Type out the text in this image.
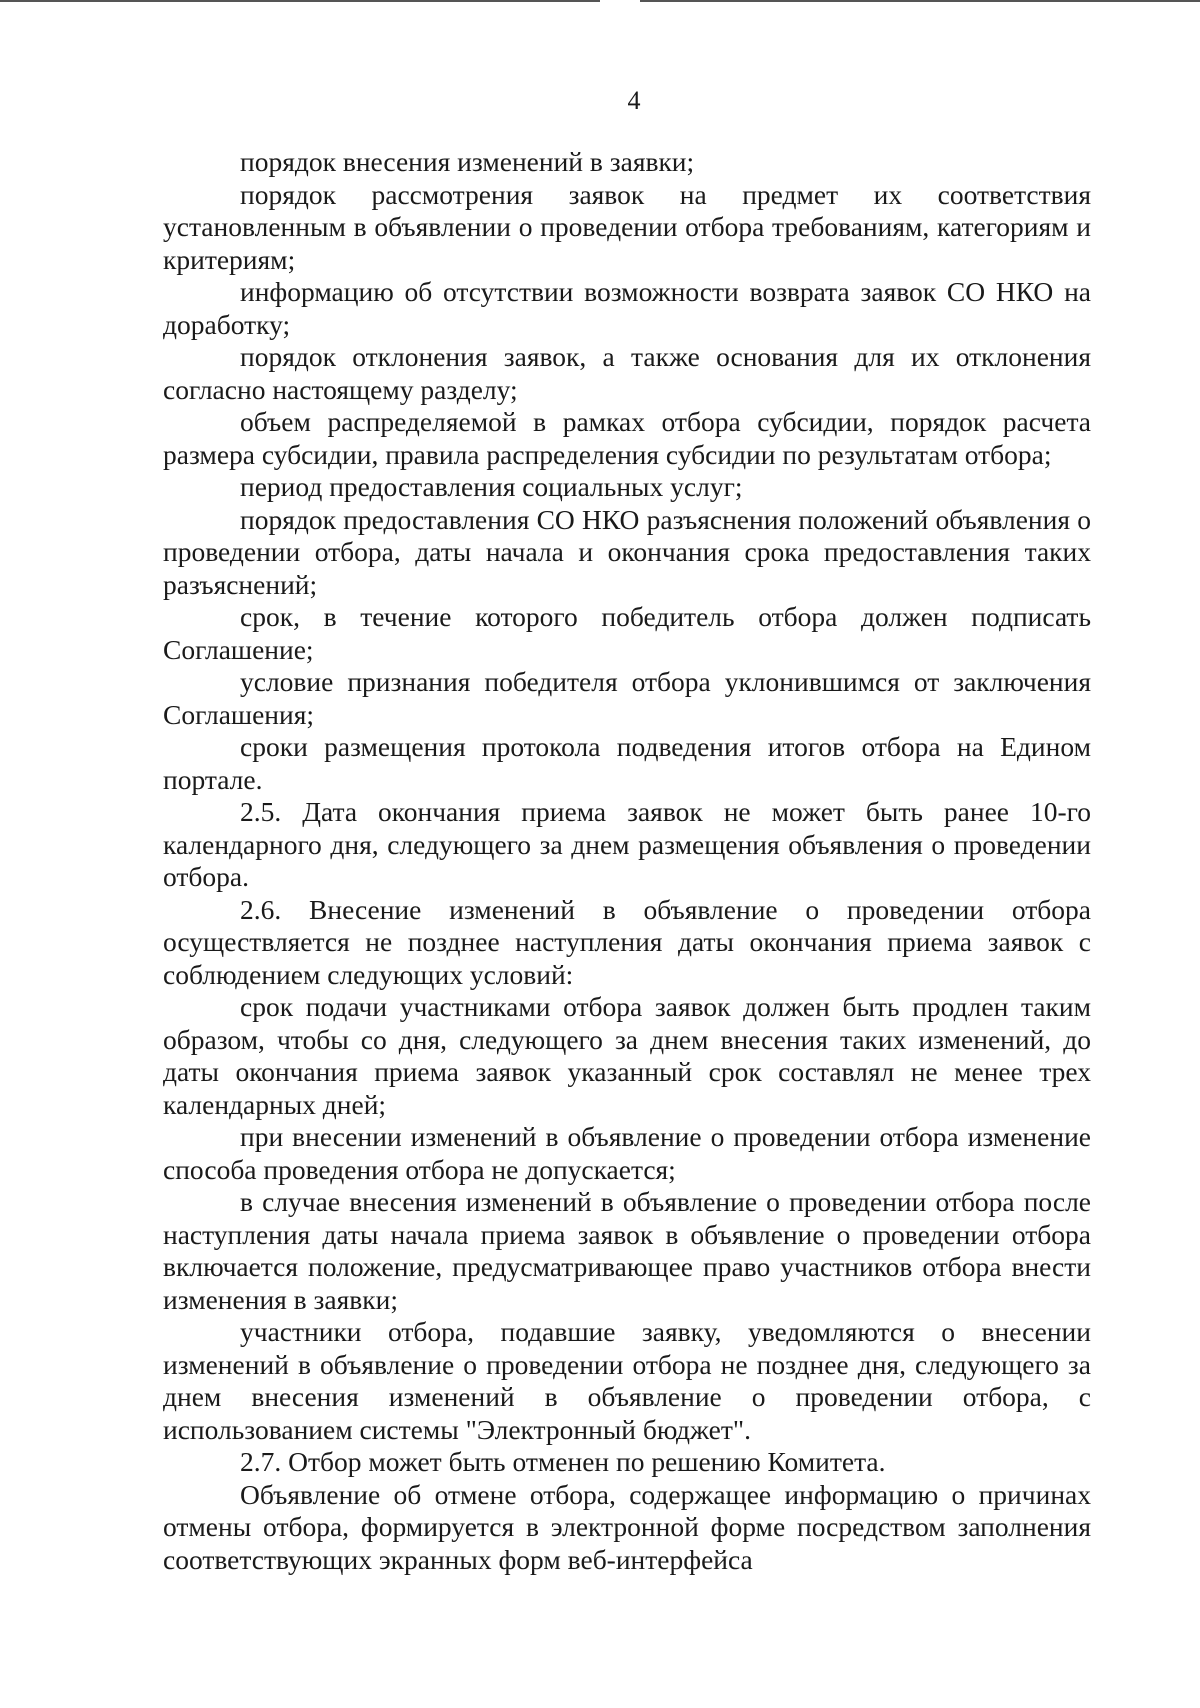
4

порядок внесения изменений в заявки;

порядок рассмотрения заявок на предмет их соответствия установленным в объявлении о проведении отбора требованиям, категориям и критериям;

информацию об отсутствии возможности возврата заявок СО НКО на доработку;

порядок отклонения заявок, а также основания для их отклонения согласно настоящему разделу;

объем распределяемой в рамках отбора субсидии, порядок расчета размера субсидии, правила распределения субсидии по результатам отбора;

период предоставления социальных услуг;

порядок предоставления СО НКО разъяснения положений объявления о проведении отбора, даты начала и окончания срока предоставления таких разъяснений;

срок, в течение которого победитель отбора должен подписать Соглашение;

условие признания победителя отбора уклонившимся от заключения Соглашения;

сроки размещения протокола подведения итогов отбора на Едином портале.

2.5. Дата окончания приема заявок не может быть ранее 10-го календарного дня, следующего за днем размещения объявления о проведении отбора.

2.6. Внесение изменений в объявление о проведении отбора осуществляется не позднее наступления даты окончания приема заявок с соблюдением следующих условий:

срок подачи участниками отбора заявок должен быть продлен таким образом, чтобы со дня, следующего за днем внесения таких изменений, до даты окончания приема заявок указанный срок составлял не менее трех календарных дней;

при внесении изменений в объявление о проведении отбора изменение способа проведения отбора не допускается;

в случае внесения изменений в объявление о проведении отбора после наступления даты начала приема заявок в объявление о проведении отбора включается положение, предусматривающее право участников отбора внести изменения в заявки;

участники отбора, подавшие заявку, уведомляются о внесении изменений в объявление о проведении отбора не позднее дня, следующего за днем внесения изменений в объявление о проведении отбора, с использованием системы "Электронный бюджет".

2.7. Отбор может быть отменен по решению Комитета.

Объявление об отмене отбора, содержащее информацию о причинах отмены отбора, формируется в электронной форме посредством заполнения соответствующих экранных форм веб-интерфейса
